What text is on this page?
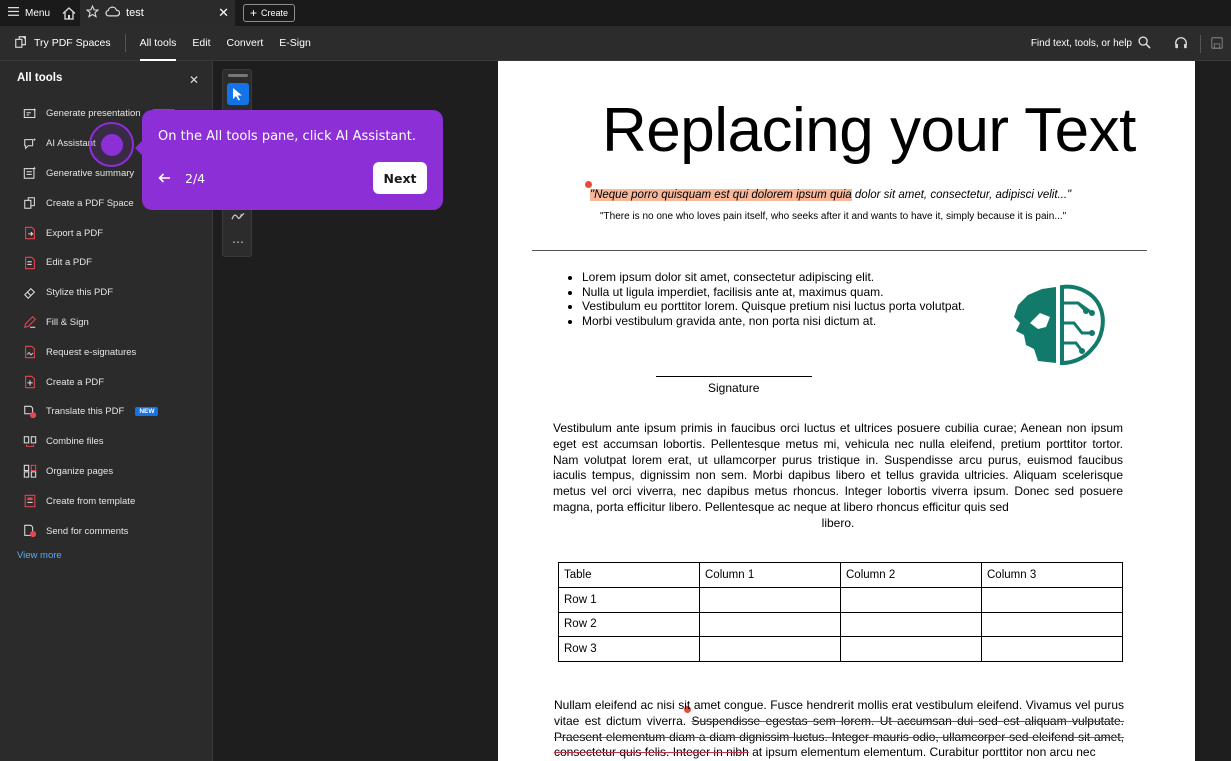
Menu	test	✕ + Create
Try PDF Spaces	All tools	Edit	Convert	E-Sign	Find text, tools, or help
All tools	✕
Generate presentation
AI Assistant
Generative summary
Create a PDF Space
Export a PDF
Edit a PDF
Stylize this PDF
Fill & Sign
Request e-signatures
Create a PDF
Translate this PDF	NEW
Combine files
Organize pages
Create from template
Send for comments
View more
⋯
Replacing your Text
"Neque porro quisquam est qui dolorem ipsum quia dolor sit amet, consectetur, adipisci velit..."
"There is no one who loves pain itself, who seeks after it and wants to have it, simply because it is pain..."
• Lorem ipsum dolor sit amet, consectetur adipiscing elit.
• Nulla ut ligula imperdiet, facilisis ante at, maximus quam.
• Vestibulum eu porttitor lorem. Quisque pretium nisi luctus porta volutpat.
• Morbi vestibulum gravida ante, non porta nisi dictum at.
Signature
Vestibulum ante ipsum primis in faucibus orci luctus et ultrices posuere cubilia curae; Aenean non ipsum eget est accumsan lobortis. Pellentesque metus mi, vehicula nec nulla eleifend, pretium porttitor tortor. Nam volutpat lorem erat, ut ullamcorper purus tristique in. Suspendisse arcu purus, euismod faucibus iaculis tempus, dignissim non sem. Morbi dapibus libero et tellus gravida ultricies. Aliquam scelerisque metus vel orci viverra, nec dapibus metus rhoncus. Integer lobortis viverra ipsum. Donec sed posuere magna, porta efficitur libero. Pellentesque ac neque at libero rhoncus efficitur quis sed
libero.
Table	Column 1	Column 2	Column 3
Row 1			
Row 2			
Row 3			
Nullam eleifend ac nisi sit amet congue. Fusce hendrerit mollis erat vestibulum eleifend. Vivamus vel purus vitae est dictum viverra. Suspendisse egestas sem lorem. Ut accumsan dui sed est aliquam vulputate. Praesent elementum diam a diam dignissim luctus. Integer mauris odio, ullamcorper sed eleifend sit amet, consectetur quis felis. Integer in nibh at ipsum elementum elementum. Curabitur porttitor non arcu nec
On the All tools pane, click AI Assistant.
2/4	Next
